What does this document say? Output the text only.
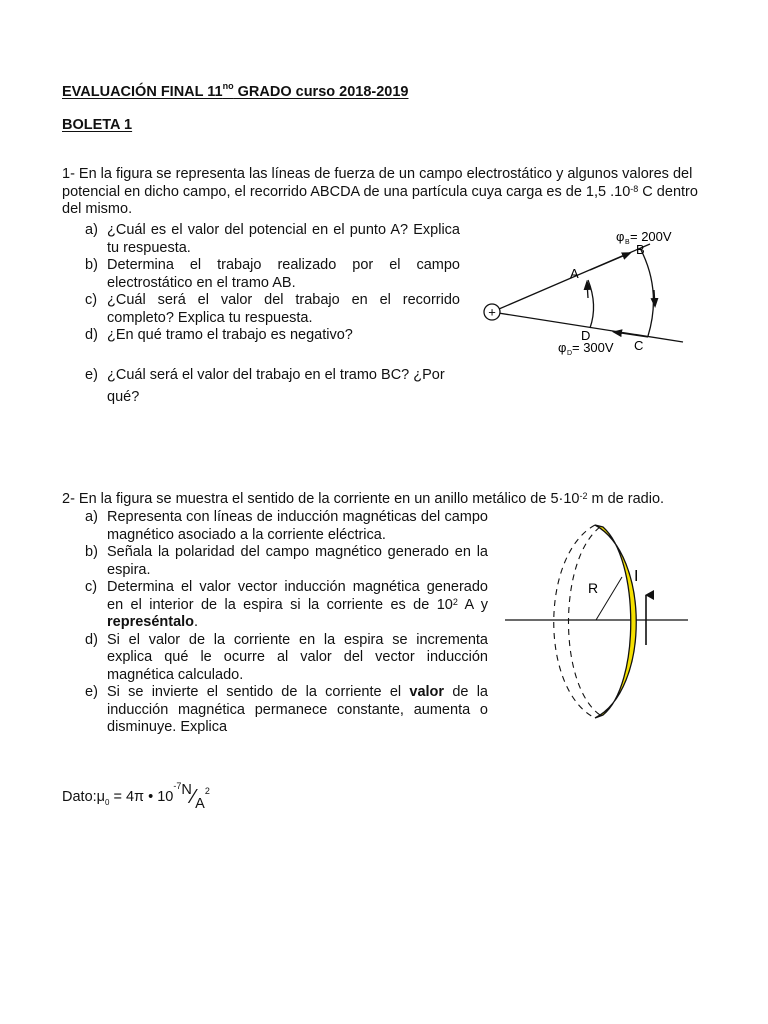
EVALUACIÓN FINAL $11^{no}$ GRADO curso 2018-2019
BOLETA 1
1- En la figura se representa las líneas de fuerza de un campo electrostático y algunos valores del potencial en dicho campo, el recorrido ABCDA de una partícula cuya carga es de 1,5 $.10^{-8}$ C dentro del mismo.
a) ¿Cuál es el valor del potencial en el punto A? Explica tu respuesta.
b) Determina el trabajo realizado por el campo electrostático en el tramo AB.
c) ¿Cuál será el valor del trabajo en el recorrido completo? Explica tu respuesta.
d) ¿En qué tramo el trabajo es negativo?
e) ¿Cuál será el valor del trabajo en el tramo BC? ¿Por qué?
+
A
B
C
D
φ B = 200V
φ D = 300V
2- En la figura se muestra el sentido de la corriente en un anillo metálico de $5\cdot 10^{-2}$ m de radio.
a) Representa con líneas de inducción magnéticas del campo magnético asociado a la corriente eléctrica.
b) Señala la polaridad del campo magnético generado en la espira.
c) Determina el valor vector inducción magnética generado en el interior de la espira si la corriente es de $10^2$ A y represéntalo.
d) Si el valor de la corriente en la espira se incrementa explica qué le ocurre al valor del vector inducción magnética calculado.
e) Si se invierte el sentido de la corriente el valor de la inducción magnética permanece constante, aumenta o disminuye. Explica
R
I
$Dato:\mu_0 = 4\pi$ • $10^{-7}N⁄A^2$
